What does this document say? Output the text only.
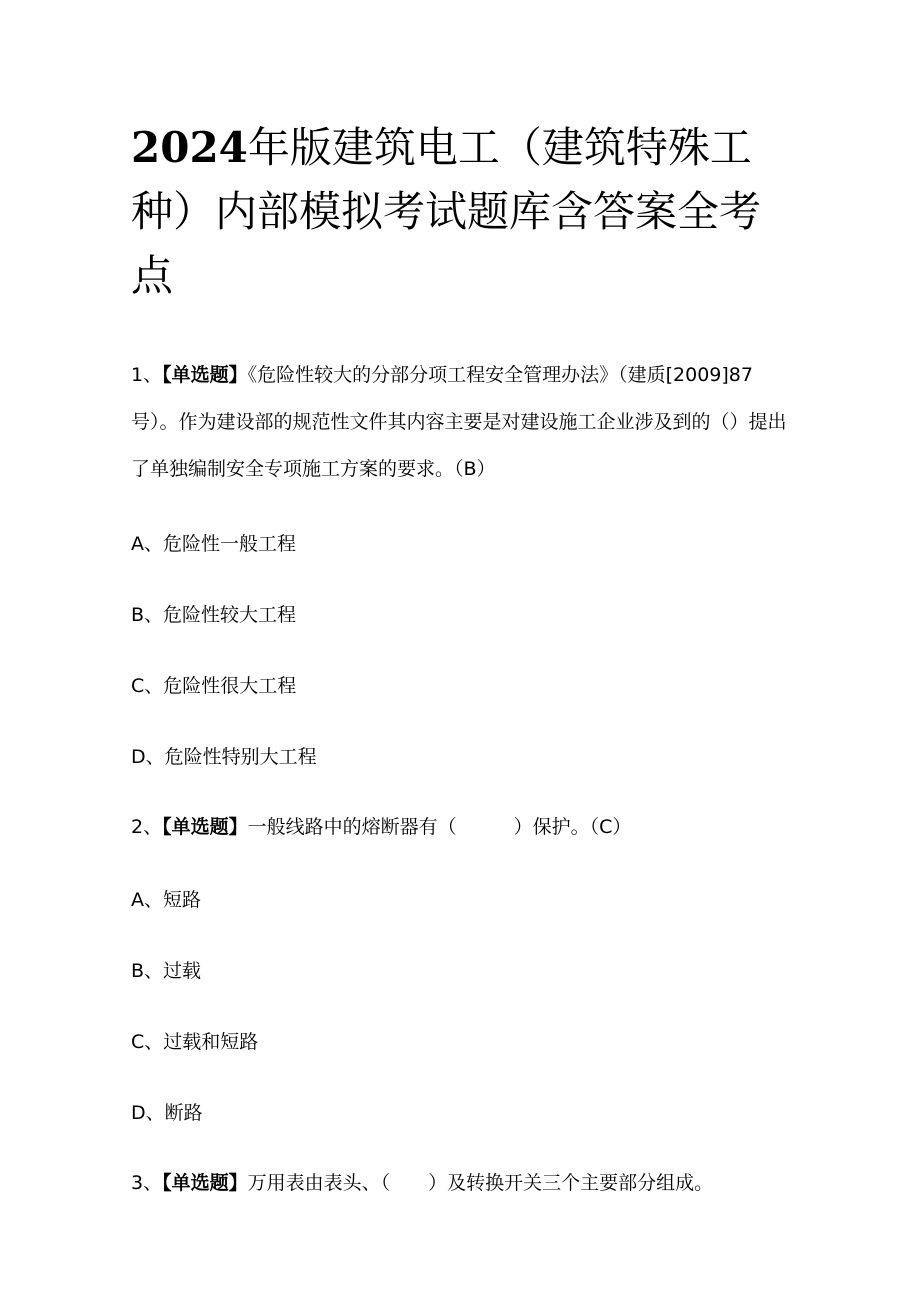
2024年版建筑电工（建筑特殊工种）内部模拟考试题库含答案全考点

1、【单选题】《危险性较大的分部分项工程安全管理办法》（建质[2009]87号）。作为建设部的规范性文件其内容主要是对建设施工企业涉及到的（）提出了单独编制安全专项施工方案的要求。（B）

A、危险性一般工程

B、危险性较大工程

C、危险性很大工程

D、危险性特别大工程

2、【单选题】一般线路中的熔断器有（　　　）保护。（C）

A、短路

B、过载

C、过载和短路

D、断路

3、【单选题】万用表由表头、（　　）及转换开关三个主要部分组成。
